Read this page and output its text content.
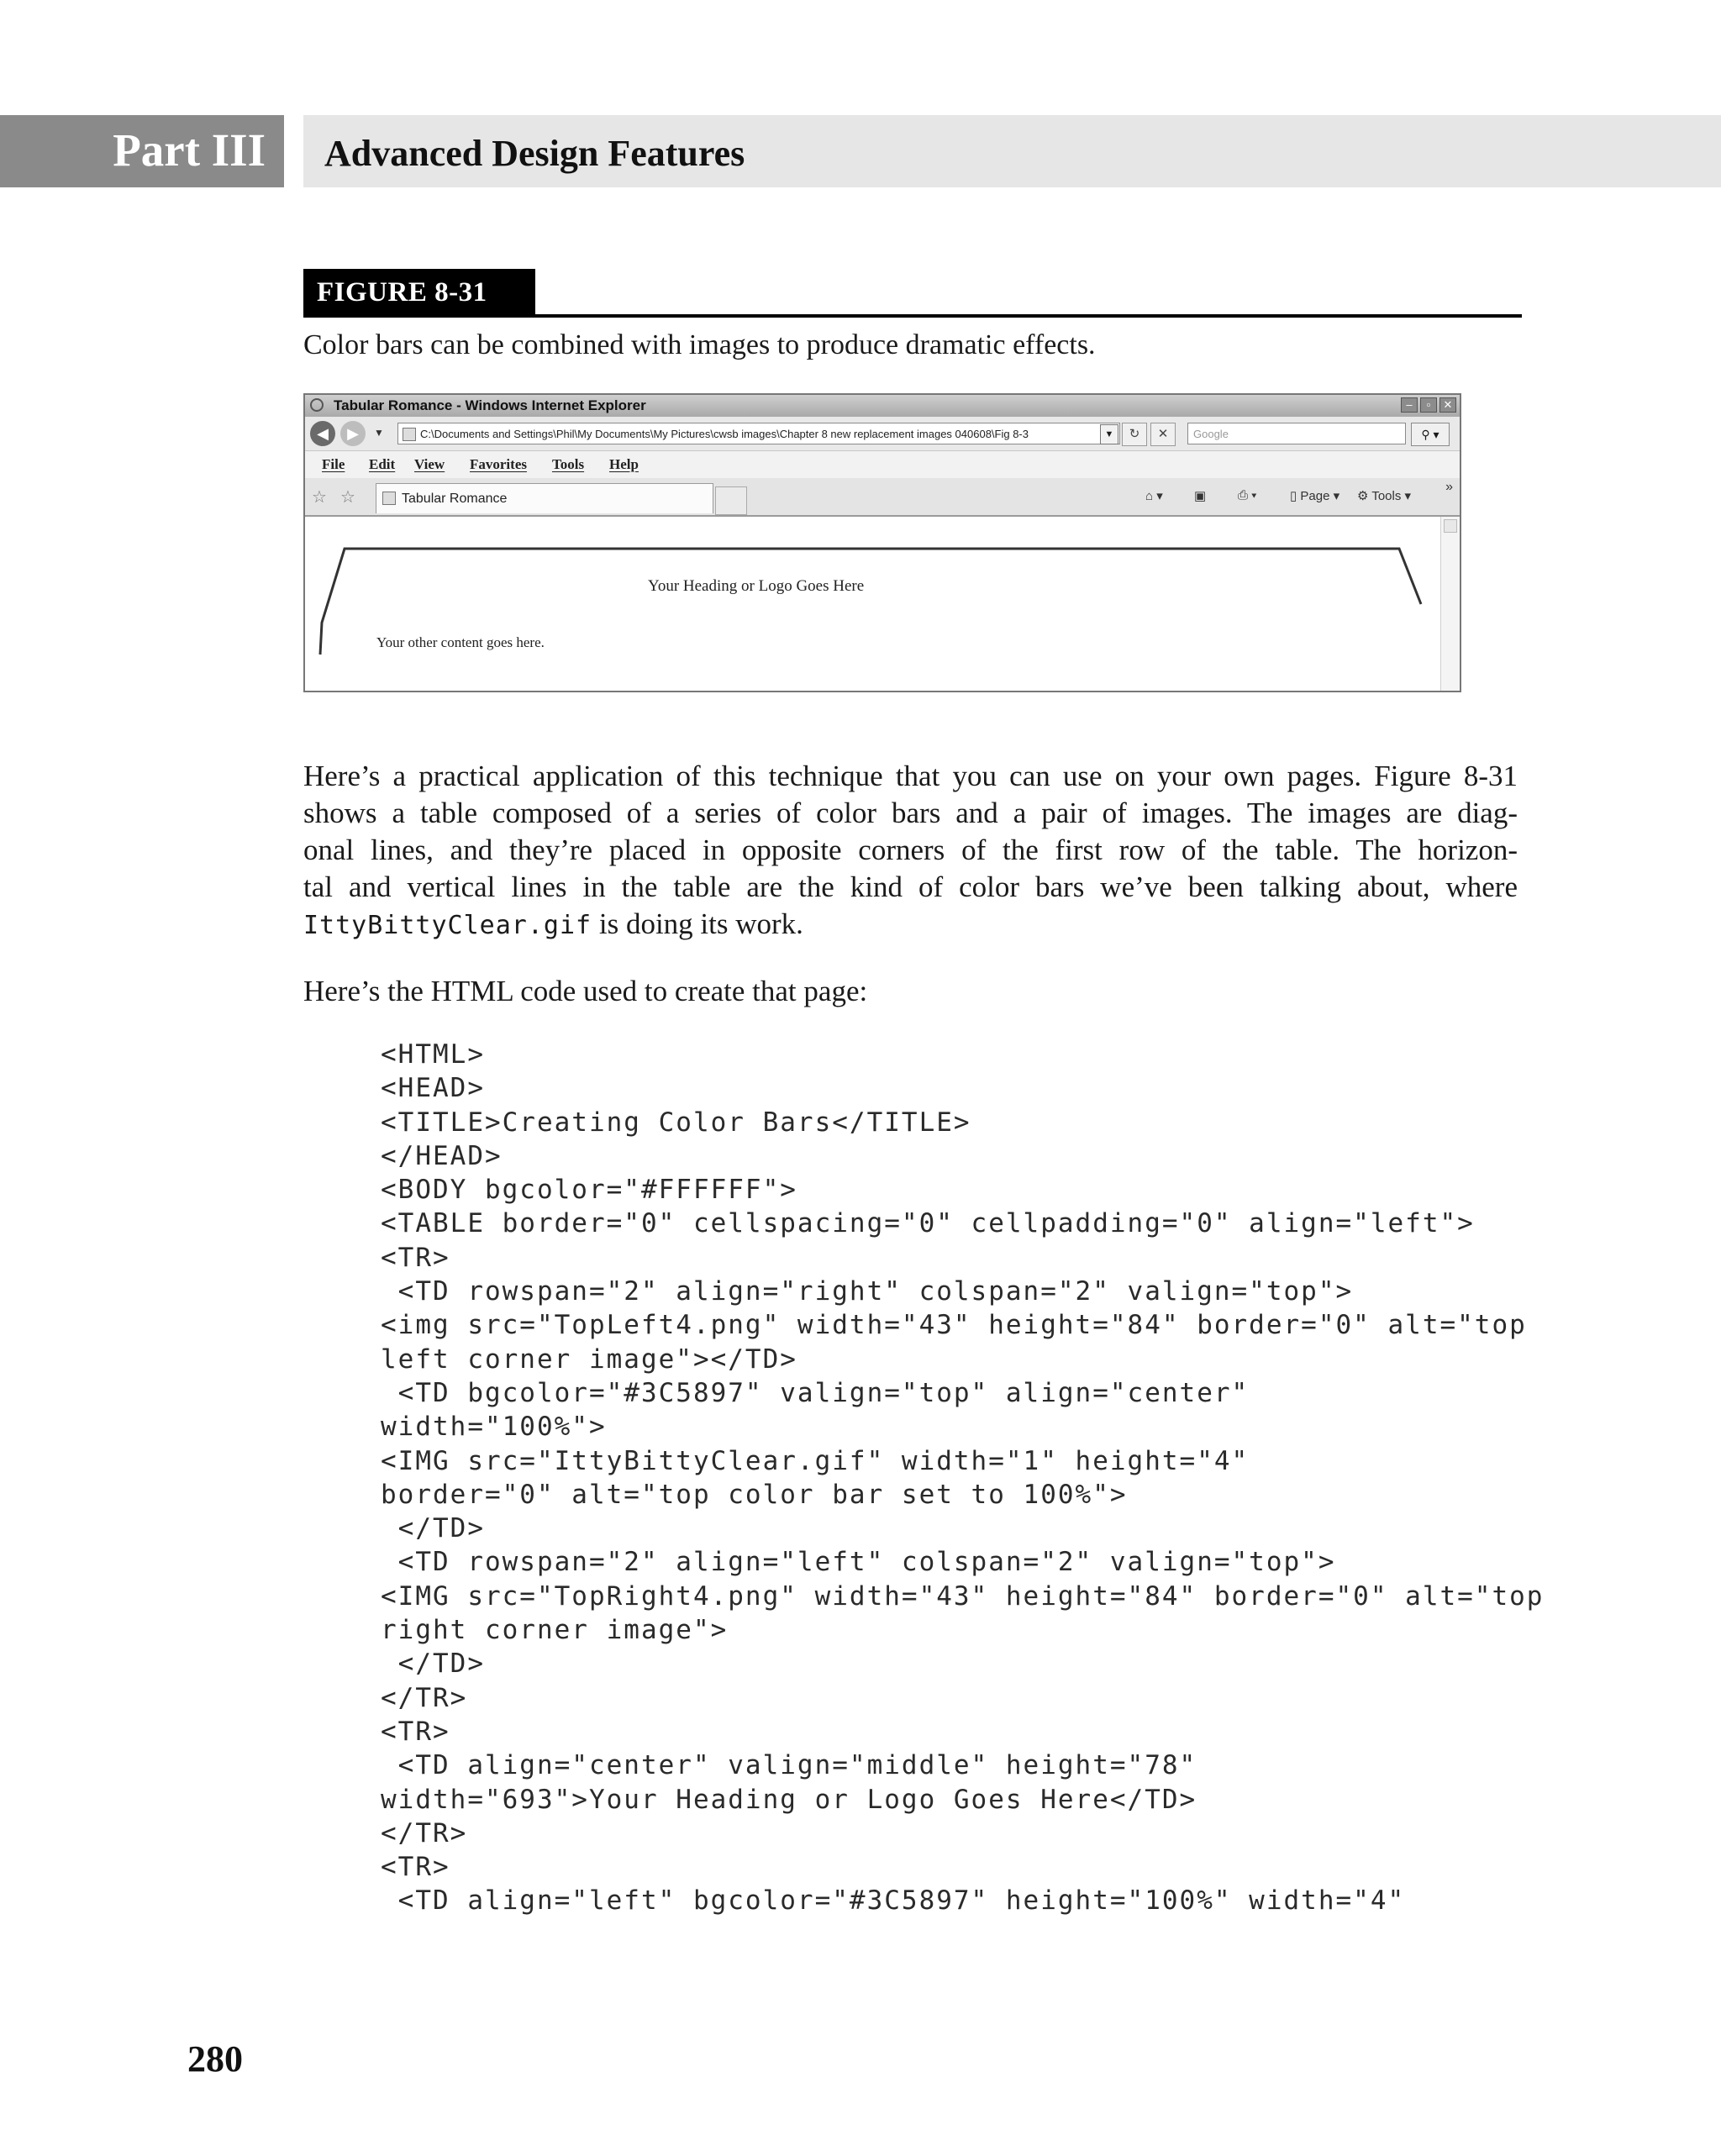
Part III Advanced Design Features
FIGURE 8-31
Color bars can be combined with images to produce dramatic effects.
Tabular Romance - Windows Internet Explorer	–	▫	✕
◀	▶	▼	C:\Documents and Settings\Phil\My Documents\My Pictures\cwsb images\Chapter 8 new replacement images 040608\Fig 8-3	▼	↻	✕	Google	⚲ ▾
File Edit View Favorites Tools Help
☆ ☆	Tabular Romance	⌂ ▾ ▣	⎙ ▾	▯ Page ▾ ⚙ Tools ▾
»
Your Heading or Logo Goes Here
Your other content goes here.
Here’s a practical application of this technique that you can use on your own pages. Figure 8-31
shows a table composed of a series of color bars and a pair of images. The images are diag-
onal lines, and they’re placed in opposite corners of the first row of the table. The horizon-
tal and vertical lines in the table are the kind of color bars we’ve been talking about, where
IttyBittyClear.gif is doing its work.
Here’s the HTML code used to create that page:
<HTML>
<HEAD>
<TITLE>Creating Color Bars</TITLE>
</HEAD>
<BODY bgcolor="#FFFFFF">
<TABLE border="0" cellspacing="0" cellpadding="0" align="left">
<TR>
<TD rowspan="2" align="right" colspan="2" valign="top">
<img src="TopLeft4.png" width="43" height="84" border="0" alt="top
left corner image"></TD>
<TD bgcolor="#3C5897" valign="top" align="center"
width="100%">
<IMG src="IttyBittyClear.gif" width="1" height="4"
border="0" alt="top color bar set to 100%">
</TD>
<TD rowspan="2" align="left" colspan="2" valign="top">
<IMG src="TopRight4.png" width="43" height="84" border="0" alt="top
right corner image">
</TD>
</TR>
<TR>
<TD align="center" valign="middle" height="78"
width="693">Your Heading or Logo Goes Here</TD>
</TR>
<TR>
<TD align="left" bgcolor="#3C5897" height="100%" width="4"
280
